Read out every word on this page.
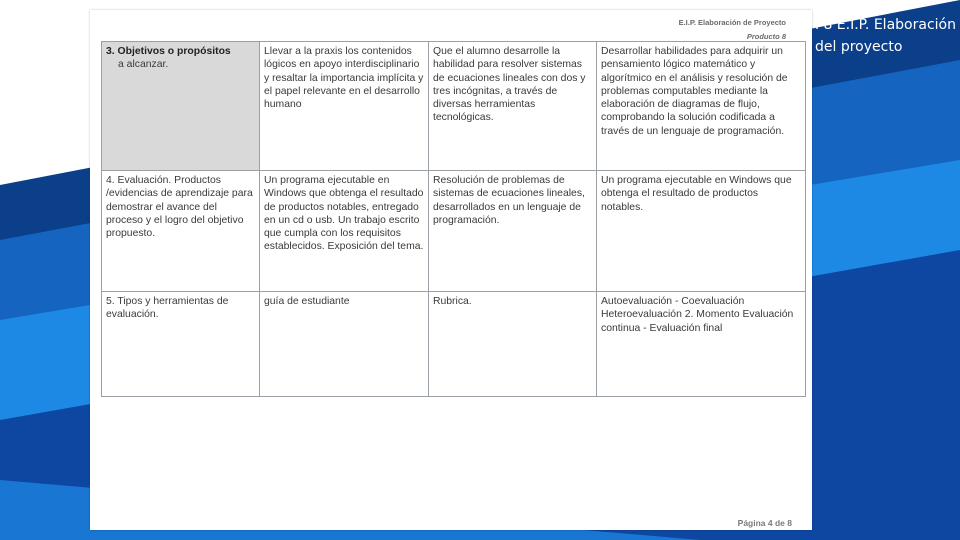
P8 E.I.P. Elaboración del proyecto
E.I.P. Elaboración de Proyecto
Producto 8
3. Objetivos o propósitos
a alcanzar.	Llevar a la praxis los contenidos lógicos en apoyo interdisciplinario y resaltar la importancia implícita y el papel relevante en el desarrollo humano	Que el alumno desarrolle la habilidad para resolver sistemas de ecuaciones lineales con dos y tres incógnitas, a través de diversas herramientas tecnológicas.	Desarrollar habilidades para adquirir un pensamiento lógico matemático y algorítmico en el análisis y resolución de problemas computables mediante la elaboración de diagramas de flujo, comprobando la solución codificada a través de un lenguaje de programación.
4. Evaluación. Productos /evidencias de aprendizaje para demostrar el avance del proceso y el logro del objetivo propuesto.	Un programa ejecutable en Windows que obtenga el resultado de productos notables, entregado en un cd o usb. Un trabajo escrito que cumpla con los requisitos establecidos. Exposición del tema.	Resolución de problemas de sistemas de ecuaciones lineales, desarrollados en un lenguaje de programación.	Un programa ejecutable en Windows que obtenga el resultado de productos notables.
5. Tipos y herramientas de evaluación.	guía de estudiante	Rubrica.	Autoevaluación - Coevaluación Heteroevaluación 2. Momento Evaluación continua - Evaluación final
Página 4 de 8
